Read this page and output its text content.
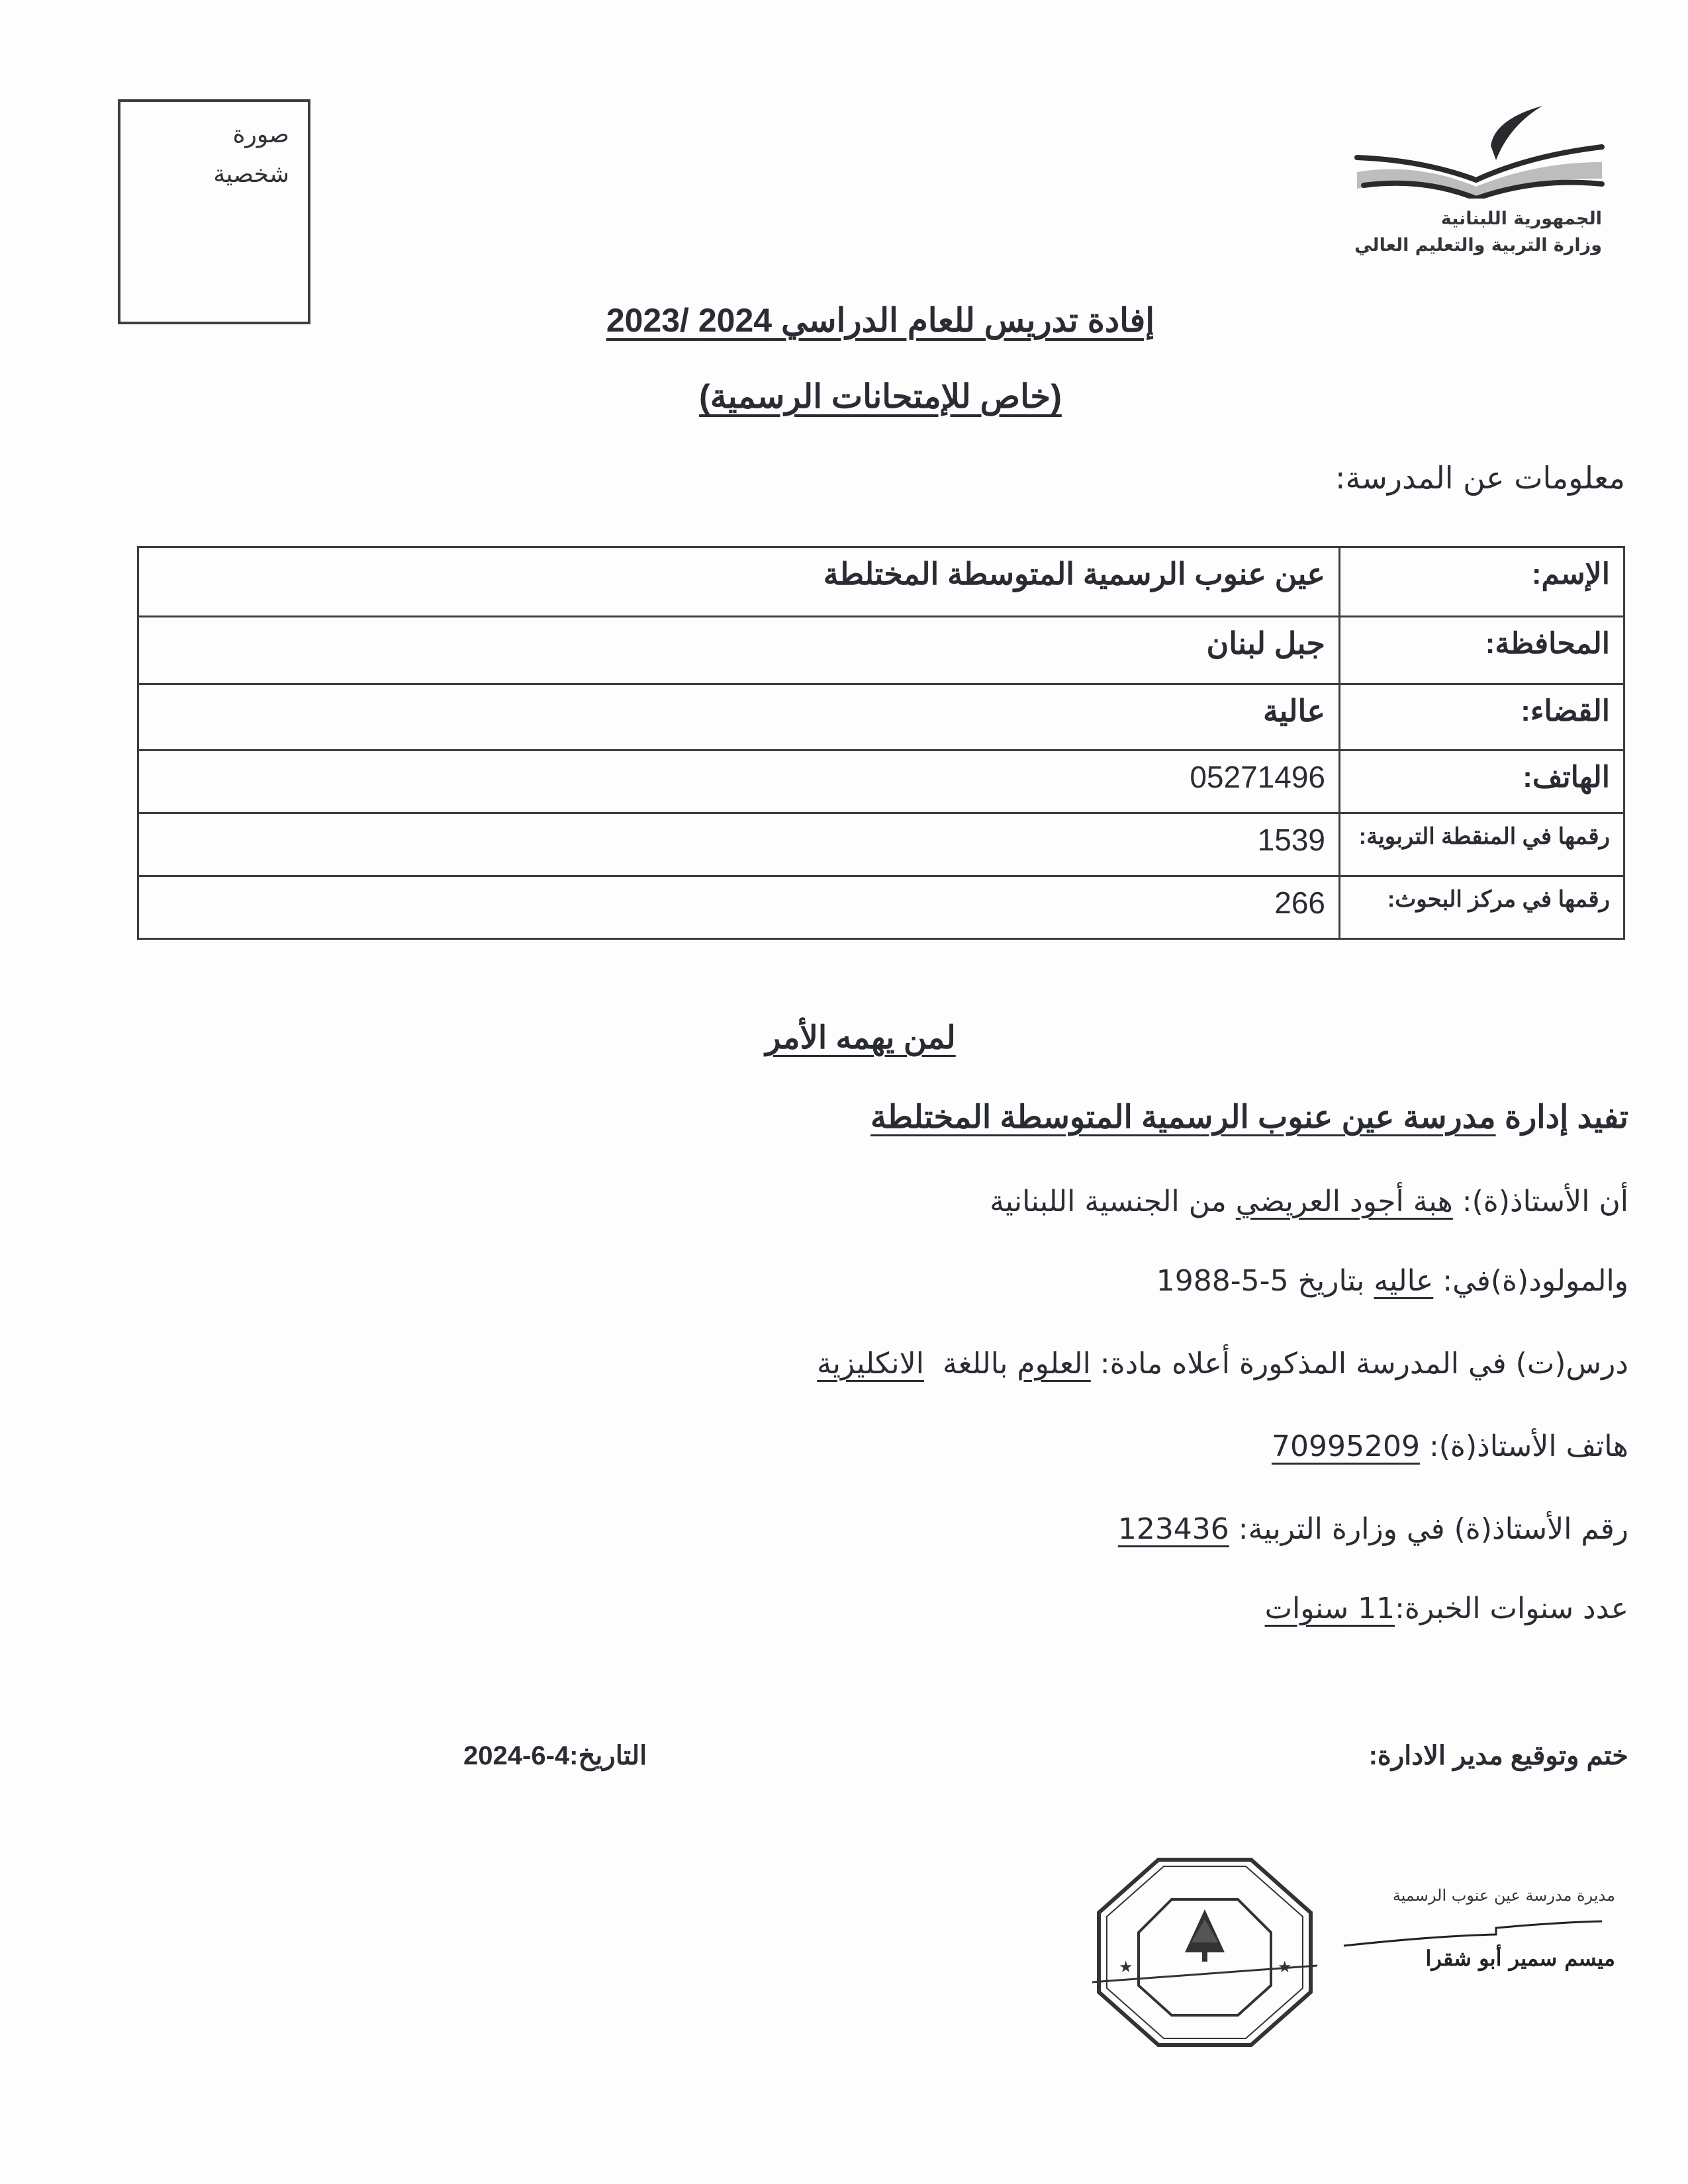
الجمهورية اللبنانية
وزارة التربية والتعليم العالي
صورة
شخصية
إفادة تدريس للعام الدراسي 2024 /2023
(خاص للإمتحانات الرسمية)
معلومات عن المدرسة:
الإسم:	عين عنوب الرسمية المتوسطة المختلطة
المحافظة:	جبل لبنان
القضاء:	عالية
الهاتف:	05271496
رقمها في المنقطة التربوية:	1539
رقمها في مركز البحوث:	266
لمن يهمه الأمر
تفيد إدارة مدرسة عين عنوب الرسمية المتوسطة المختلطة
أن الأستاذ(ة): هبة أجود العريضي من الجنسية اللبنانية
والمولود(ة)في: عاليه بتاريخ 5-5-1988
درس(ت) في المدرسة المذكورة أعلاه مادة: العلوم باللغة  الانكليزية
هاتف الأستاذ(ة): 70995209
رقم الأستاذ(ة) في وزارة التربية: 123436
عدد سنوات الخبرة:11 سنوات
ختم وتوقيع مدير الادارة:
التاريخ:4-6-2024
★	★
مديرة مدرسة عين عنوب الرسمية
ميسم سمير أبو شقرا
